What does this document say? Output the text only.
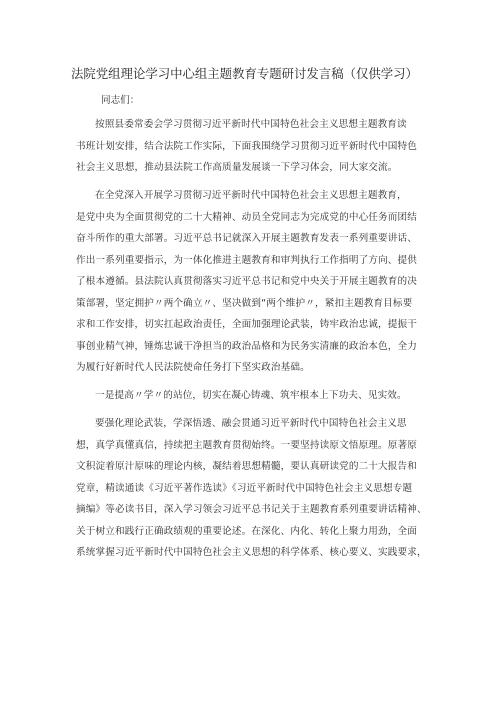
法院党组理论学习中心组主题教育专题研讨发言稿（仅供学习）
同志们：
按照县委常委会学习贯彻习近平新时代中国特色社会主义思想主题教育读
书班计划安排，结合法院工作实际，下面我围绕学习贯彻习近平新时代中国特色
社会主义思想，推动县法院工作高质量发展谈一下学习体会，同大家交流。
在全党深入开展学习贯彻习近平新时代中国特色社会主义思想主题教育，
是党中央为全面贯彻党的二十大精神、动员全党同志为完成党的中心任务而团结
奋斗所作的重大部署。习近平总书记就深入开展主题教育发表一系列重要讲话、
作出一系列重要指示，为一体化推进主题教育和审判执行工作指明了方向、提供
了根本遵循。县法院认真贯彻落实习近平总书记和党中央关于开展主题教育的决
策部署，坚定拥护〃两个确立〃、坚决做到“两个维护〃，紧扣主题教育目标要
求和工作安排，切实扛起政治责任，全面加强理论武装，铸牢政治忠诚，提振干
事创业精气神，锤炼忠诚干净担当的政治品格和为民务实清廉的政治本色，全力
为履行好新时代人民法院使命任务打下坚实政治基础。
一是提高〃学〃的站位，切实在凝心铸魂、筑牢根本上下功夫、见实效。
要强化理论武装，学深悟透、融会贯通习近平新时代中国特色社会主义思
想，真学真懂真信，持续把主题教育贯彻始终。一要坚持读原文悟原理。原著原
文积淀着原汁原味的理论内核，凝结着思想精髓，要认真研读党的二十大报告和
党章，精读通读《习近平著作选读》《习近平新时代中国特色社会主义思想专题
摘编》等必读书目，深入学习领会习近平总书记关于主题教育系列重要讲话精神、
关于树立和践行正确政绩观的重要论述。在深化、内化、转化上聚力用劲，全面
系统掌握习近平新时代中国特色社会主义思想的科学体系、核心要义、实践要求，
